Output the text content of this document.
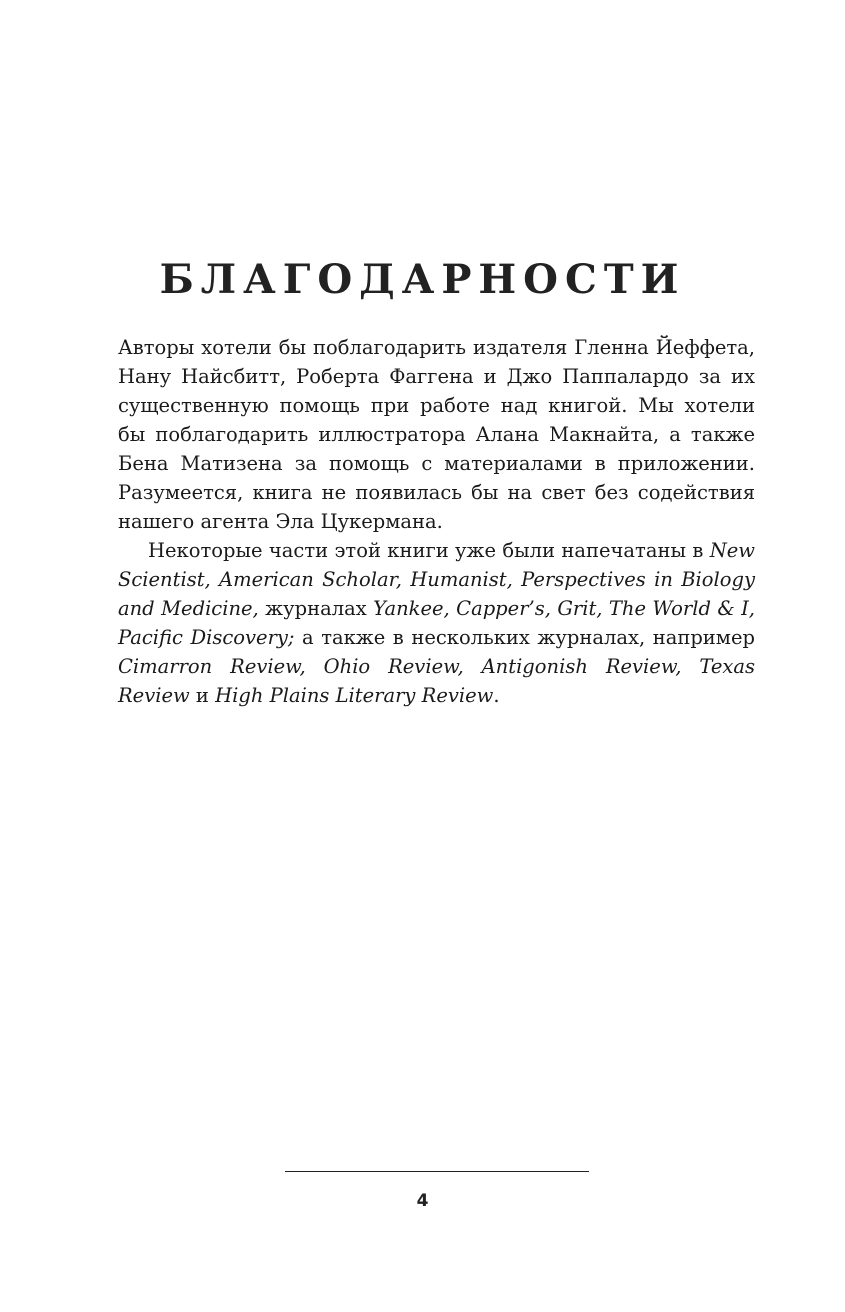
БЛАГОДАРНОСТИ

Авторы хотели бы поблагодарить издателя Гленна Йеффета, Нану Найсбитт, Роберта Фаггена и Джо Паппалардо за их существенную помощь при работе над книгой. Мы хотели бы поблагодарить иллюстратора Алана Макнайта, а также Бена Матизена за помощь с материалами в приложении. Разумеется, книга не появилась бы на свет без содействия нашего агента Эла Цукермана.

Некоторые части этой книги уже были напечатаны в New Scientist, American Scholar, Humanist, Perspectives in Biology and Medicine, журналах Yankee, Capper’s, Grit, The World & I, Pacific Discovery; а также в нескольких журналах, например Cimarron Review, Ohio Review, Antigonish Review, Texas Review и High Plains Literary Review.

4
